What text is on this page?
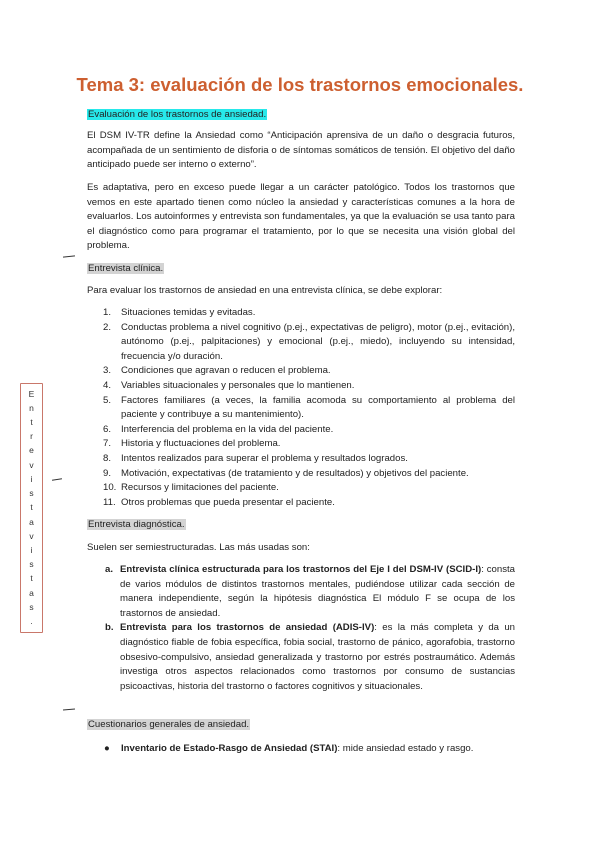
Tema 3: evaluación de los trastornos emocionales.

Evaluación de los trastornos de ansiedad.

El DSM IV-TR define la Ansiedad como “Anticipación aprensiva de un daño o desgracia futuros, acompañada de un sentimiento de disforia o de síntomas somáticos de tensión. El objetivo del daño anticipado puede ser interno o externo”.
Es adaptativa, pero en exceso puede llegar a un carácter patológico. Todos los trastornos que vemos en este apartado tienen como núcleo la ansiedad y características comunes a la hora de evaluarlos. Los autoinformes y entrevista son fundamentales, ya que la evaluación se usa tanto para el diagnóstico como para programar el tratamiento, por lo que se necesita una visión global del problema.

Entrevista clínica.

Para evaluar los trastornos de ansiedad en una entrevista clínica, se debe explorar:
1. Situaciones temidas y evitadas.
2. Conductas problema a nivel cognitivo (p.ej., expectativas de peligro), motor (p.ej., evitación), autónomo (p.ej., palpitaciones) y emocional (p.ej., miedo), incluyendo su intensidad, frecuencia y/o duración.
3. Condiciones que agravan o reducen el problema.
4. Variables situacionales y personales que lo mantienen.
5. Factores familiares (a veces, la familia acomoda su comportamiento al problema del paciente y contribuye a su mantenimiento).
6. Interferencia del problema en la vida del paciente.
7. Historia y fluctuaciones del problema.
8. Intentos realizados para superar el problema y resultados logrados.
9. Motivación, expectativas (de tratamiento y de resultados) y objetivos del paciente.
10. Recursos y limitaciones del paciente.
11. Otros problemas que pueda presentar el paciente.

Entrevista diagnóstica.

Suelen ser semiestructuradas. Las más usadas son:
a. Entrevista clínica estructurada para los trastornos del Eje I del DSM-IV (SCID-I): consta de varios módulos de distintos trastornos mentales, pudiéndose utilizar cada sección de manera independiente, según la hipótesis diagnóstica El módulo F se ocupa de los trastornos de ansiedad.
b. Entrevista para los trastornos de ansiedad (ADIS-IV): es la más completa y da un diagnóstico fiable de fobia específica, fobia social, trastorno de pánico, agorafobia, trastorno obsesivo-compulsivo, ansiedad generalizada y trastorno por estrés postraumático. Además investiga otros aspectos relacionados como trastornos por consumo de sustancias psicoactivas, historia del trastorno o factores cognitivos y situacionales.

Cuestionarios generales de ansiedad.

● Inventario de Estado-Rasgo de Ansiedad (STAI): mide ansiedad estado y rasgo.
E
n
t
r
e
v
i
s
t
a
v
i
s
t
a
s
.
